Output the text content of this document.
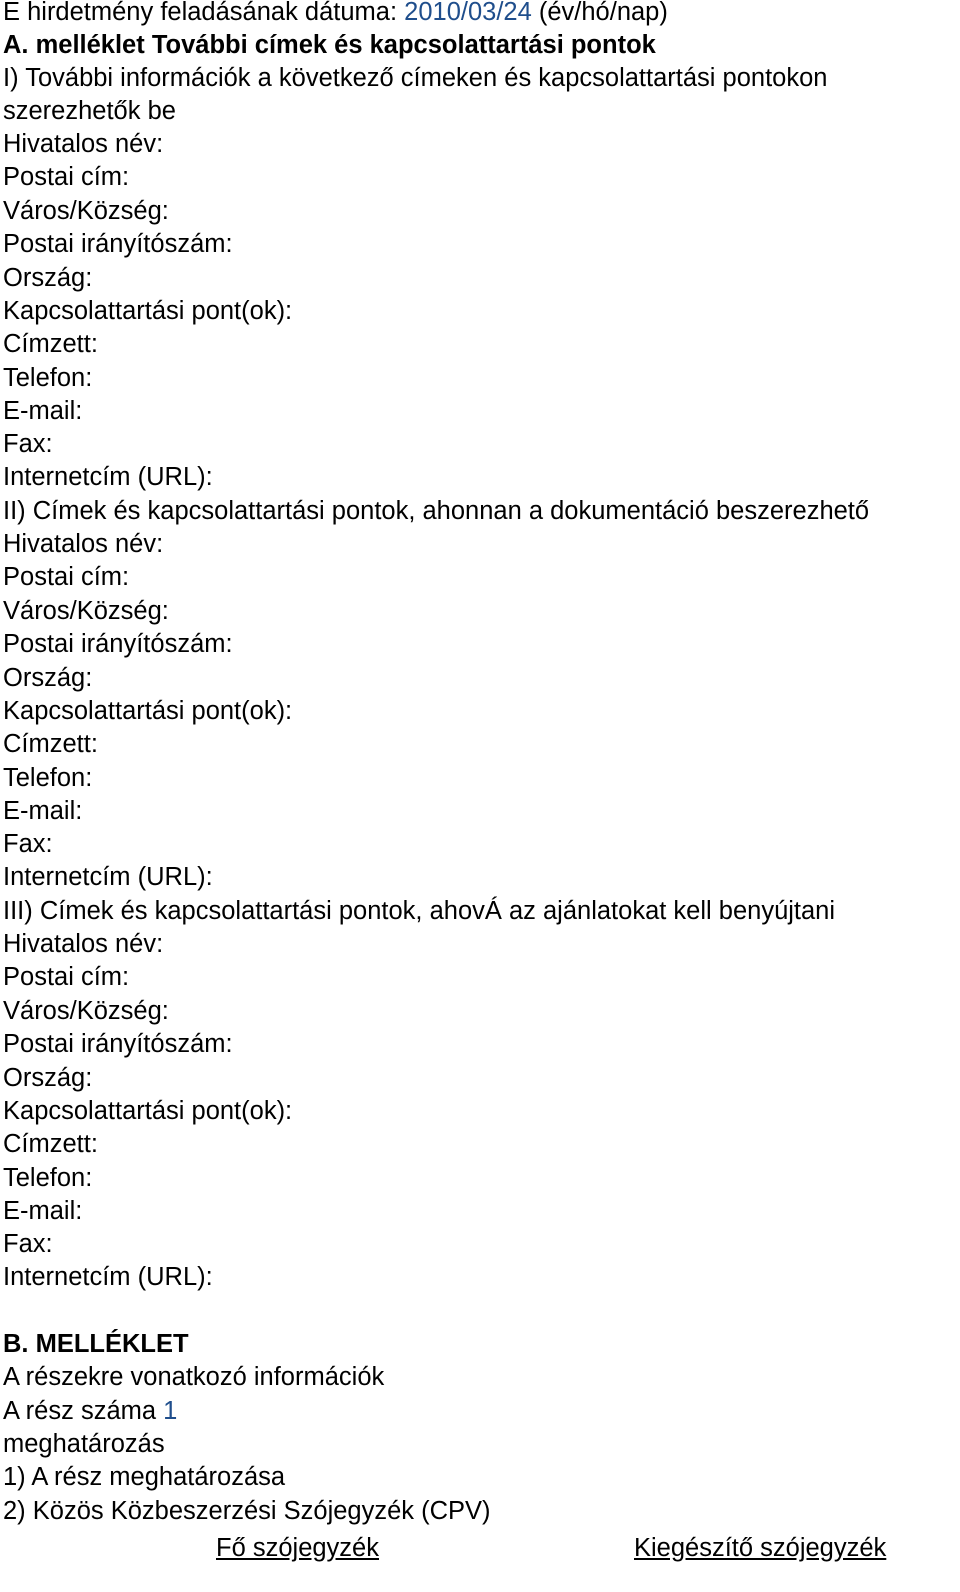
E hirdetmény feladásának dátuma: 2010/03/24 (év/hó/nap)
A. melléklet További címek és kapcsolattartási pontok
I) További információk a következő címeken és kapcsolattartási pontokon
szerezhetők be
Hivatalos név:
Postai cím:
Város/Község:
Postai irányítószám:
Ország:
Kapcsolattartási pont(ok):
Címzett:
Telefon:
E-mail:
Fax:
Internetcím (URL):
II) Címek és kapcsolattartási pontok, ahonnan a dokumentáció beszerezhető
Hivatalos név:
Postai cím:
Város/Község:
Postai irányítószám:
Ország:
Kapcsolattartási pont(ok):
Címzett:
Telefon:
E-mail:
Fax:
Internetcím (URL):
III) Címek és kapcsolattartási pontok, ahovÁ az ajánlatokat kell benyújtani
Hivatalos név:
Postai cím:
Város/Község:
Postai irányítószám:
Ország:
Kapcsolattartási pont(ok):
Címzett:
Telefon:
E-mail:
Fax:
Internetcím (URL):
B. MELLÉKLET
A részekre vonatkozó információk
A rész száma 1
meghatározás
1) A rész meghatározása
2) Közös Közbeszerzési Szójegyzék (CPV)
Fő szójegyzék	Kiegészítő szójegyzék
